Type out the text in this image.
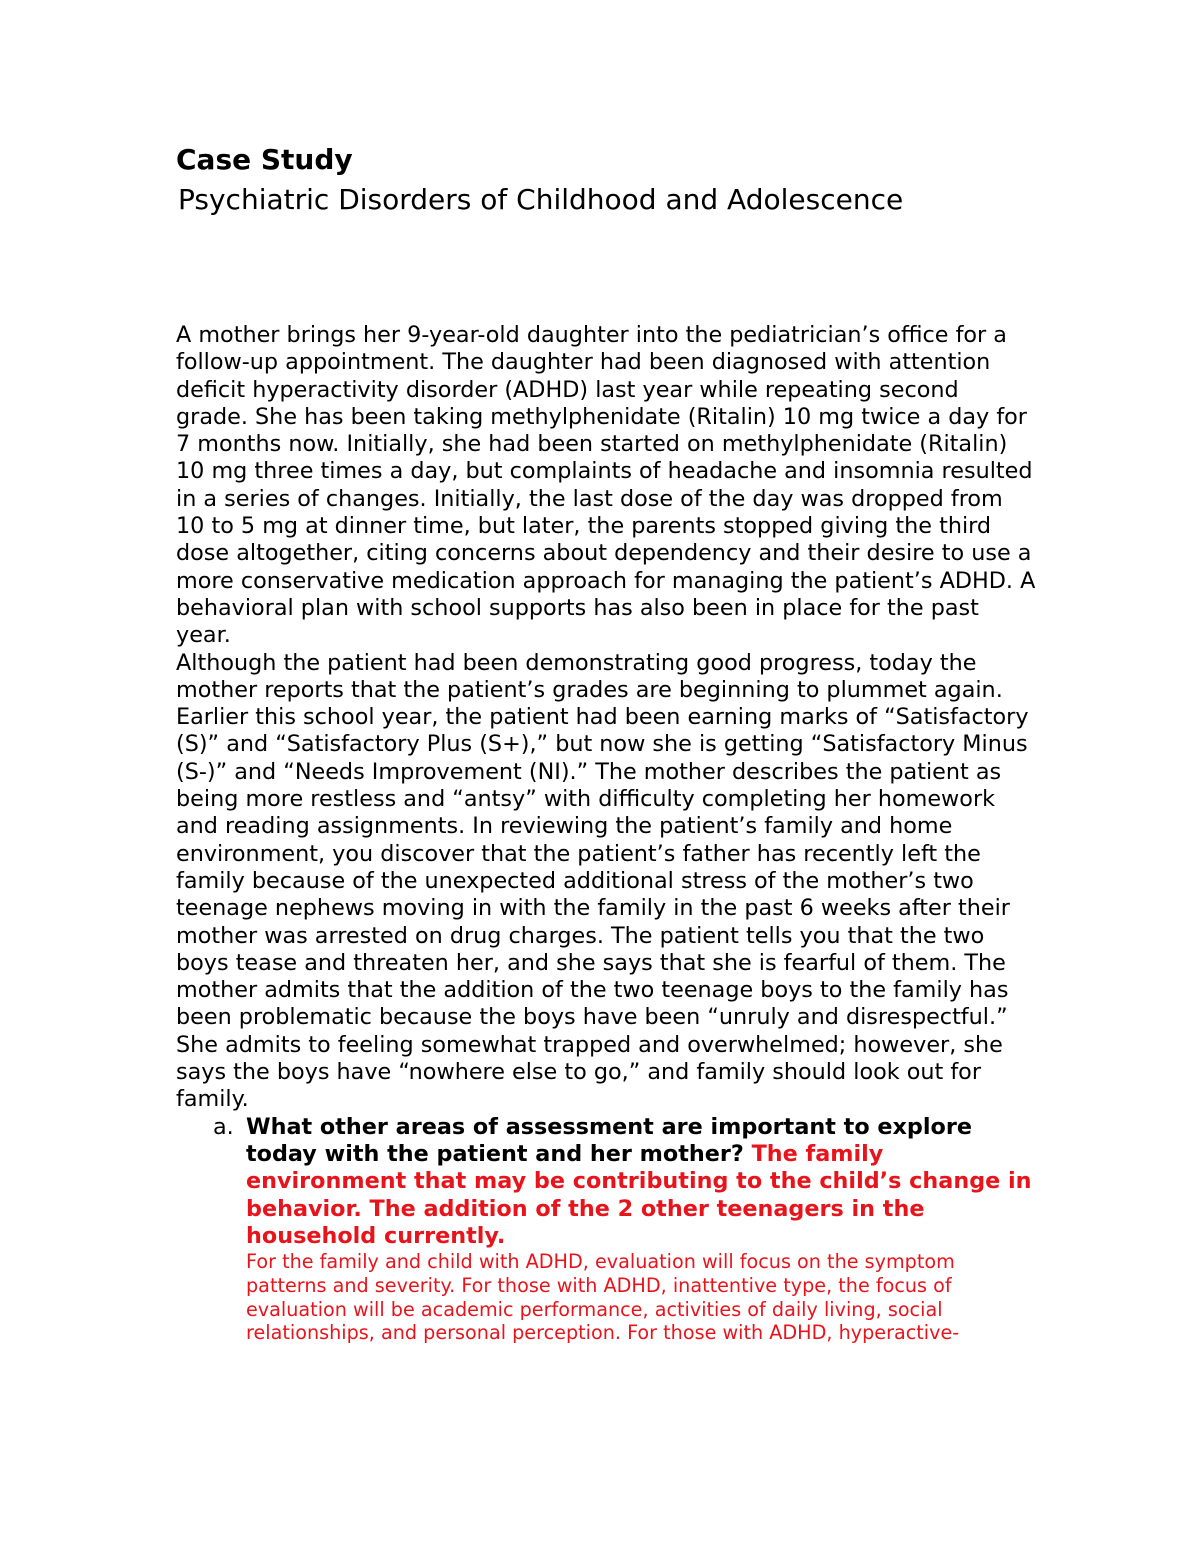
Case Study
Psychiatric Disorders of Childhood and Adolescence

A mother brings her 9-year-old daughter into the pediatrician’s office for a follow-up appointment. The daughter had been diagnosed with attention deficit hyperactivity disorder (ADHD) last year while repeating second grade. She has been taking methylphenidate (Ritalin) 10 mg twice a day for 7 months now. Initially, she had been started on methylphenidate (Ritalin) 10 mg three times a day, but complaints of headache and insomnia resulted in a series of changes. Initially, the last dose of the day was dropped from 10 to 5 mg at dinner time, but later, the parents stopped giving the third dose altogether, citing concerns about dependency and their desire to use a more conservative medication approach for managing the patient’s ADHD. A behavioral plan with school supports has also been in place for the past year.

Although the patient had been demonstrating good progress, today the mother reports that the patient’s grades are beginning to plummet again. Earlier this school year, the patient had been earning marks of “Satisfactory (S)” and “Satisfactory Plus (S+),” but now she is getting “Satisfactory Minus (S-)” and “Needs Improvement (NI).” The mother describes the patient as being more restless and “antsy” with difficulty completing her homework and reading assignments. In reviewing the patient’s family and home environment, you discover that the patient’s father has recently left the family because of the unexpected additional stress of the mother’s two teenage nephews moving in with the family in the past 6 weeks after their mother was arrested on drug charges. The patient tells you that the two boys tease and threaten her, and she says that she is fearful of them. The mother admits that the addition of the two teenage boys to the family has been problematic because the boys have been “unruly and disrespectful.” She admits to feeling somewhat trapped and overwhelmed; however, she says the boys have “nowhere else to go,” and family should look out for family.

a. What other areas of assessment are important to explore today with the patient and her mother? The family environment that may be contributing to the child’s change in behavior. The addition of the 2 other teenagers in the household currently.

For the family and child with ADHD, evaluation will focus on the symptom patterns and severity. For those with ADHD, inattentive type, the focus of evaluation will be academic performance, activities of daily living, social relationships, and personal perception. For those with ADHD, hyperactive-
